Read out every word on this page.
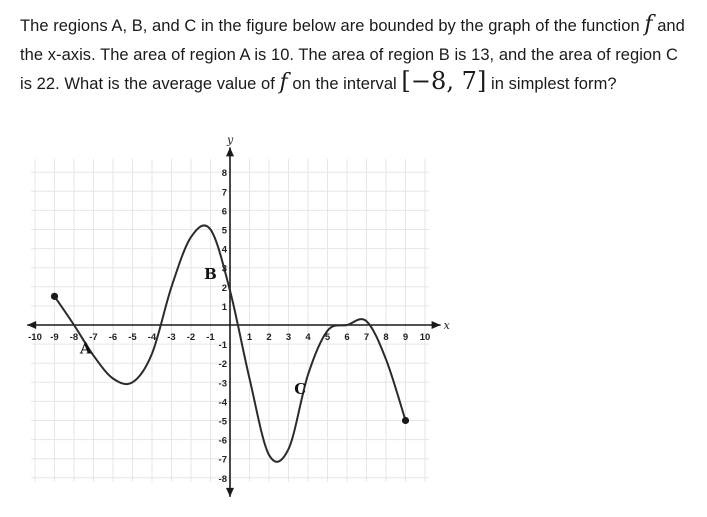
The regions A, B, and C in the figure below are bounded by the graph of the function f and the x-axis. The area of region A is 10. The area of region B is 13, and the area of region C is 22. What is the average value of f on the interval [−8, 7] in simplest form?
x
y
-10 -9 -8 -7 -6 -5 -4 -3 -2 -1	1 2 3 4 5 6 7 8 9 10
8
7
6
5
4
3
2
1
-1
-2
-3
-4
-5
-6
-7
-8
A
B
C
